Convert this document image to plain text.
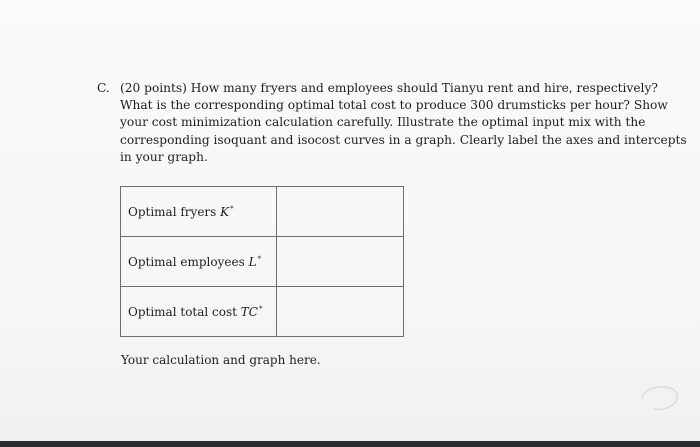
C. (20 points) How many fryers and employees should Tianyu rent and hire, respectively?
What is the corresponding optimal total cost to produce 300 drumsticks per hour? Show
your cost minimization calculation carefully. Illustrate the optimal input mix with the
corresponding isoquant and isocost curves in a graph. Clearly label the axes and intercepts
in your graph.
Optimal fryers K*	
Optimal employees L*	
Optimal total cost TC*	
Your calculation and graph here.
